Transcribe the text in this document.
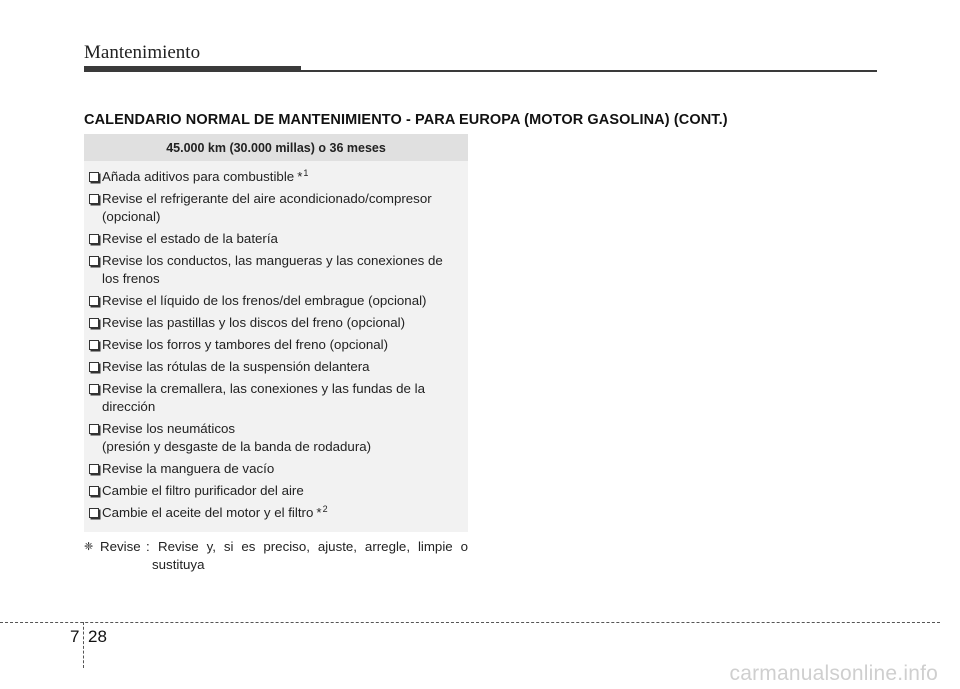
Mantenimiento
CALENDARIO NORMAL DE MANTENIMIENTO - PARA EUROPA (MOTOR GASOLINA) (CONT.)
45.000 km (30.000 millas) o 36 meses
Añada aditivos para combustible *$^1$
Revise el refrigerante del aire acondicionado/compresor
(opcional)
Revise el estado de la batería
Revise los conductos, las mangueras y las conexiones de
los frenos
Revise el líquido de los frenos/del embrague (opcional)
Revise las pastillas y los discos del freno (opcional)
Revise los forros y tambores del freno (opcional)
Revise las rótulas de la suspensión delantera
Revise la cremallera, las conexiones y las fundas de la
dirección
Revise los neumáticos
(presión y desgaste de la banda de rodadura)
Revise la manguera de vacío
Cambie el filtro purificador del aire
Cambie el aceite del motor y el filtro *$^2$
❈ Revise : Revise y, si es preciso, ajuste, arregle, limpie o
sustituya
7 28
carmanualsonline.info
